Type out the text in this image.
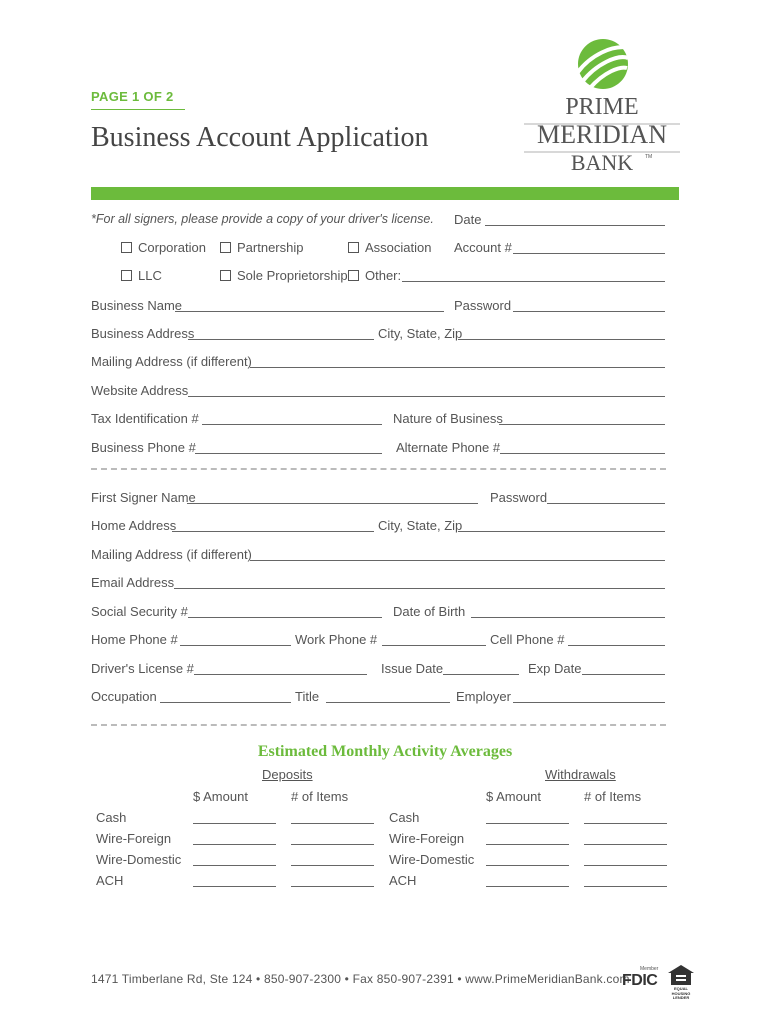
PAGE 1 OF 2
Business Account Application
PRIME
MERIDIAN
BANK TM
*For all signers, please provide a copy of your driver's license. Date
Corporation Partnership	Association Account #
LLC	Sole Proprietorship Other:
Business Name	Password
Business Address	City, State, Zip
Mailing Address (if different)
Website Address
Tax Identification #	Nature of Business
Business Phone #	Alternate Phone #
First Signer Name	Password
Home Address	City, State, Zip
Mailing Address (if different)
Email Address
Social Security #	Date of Birth
Home Phone #	Work Phone #	Cell Phone #
Driver's License #	Issue Date	Exp Date
Occupation	Title	Employer
Estimated Monthly Activity Averages
Deposits	Withdrawals
$ Amount	# of Items	$ Amount	# of Items
Cash	Cash
Wire-Foreign	Wire-Foreign
Wire-Domestic	Wire-Domestic
ACH	ACH
1471 Timberlane Rd, Ste 124 • 850-907-2300 • Fax 850-907-2391 • www.PrimeMeridianBank.com
Member
FDIC	EQUAL HOUSING LENDER
